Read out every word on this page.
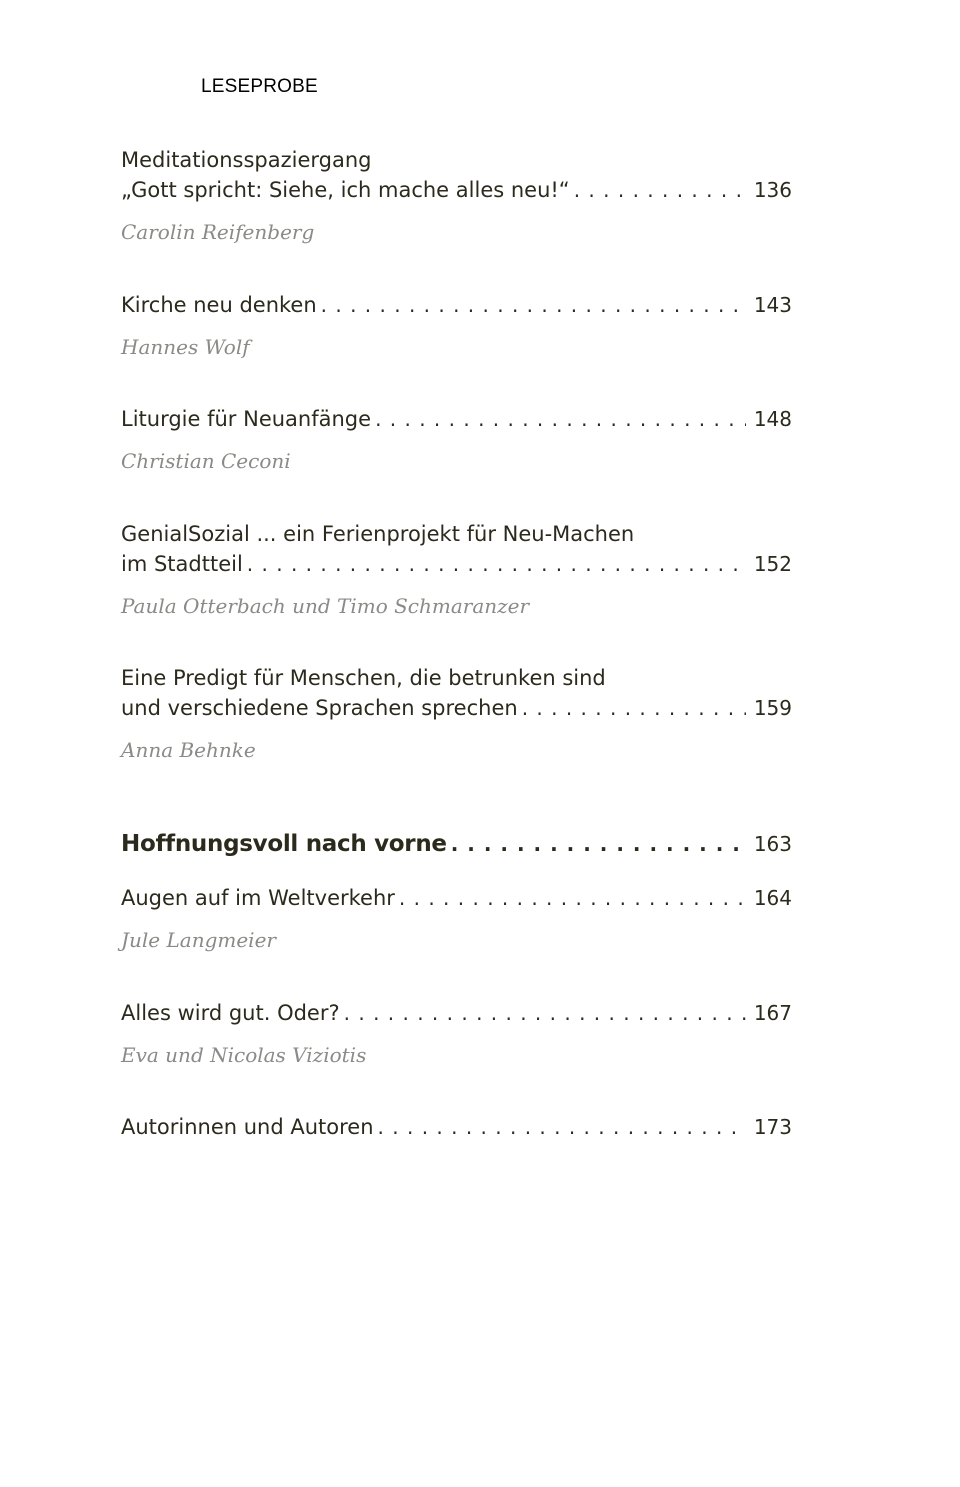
LESEPROBE
Meditationsspaziergang
„Gott spricht: Siehe, ich mache alles neu!“ . . .	136
Carolin Reifenberg
Kirche neu denken . . .	143
Hannes Wolf
Liturgie für Neuanfänge . . .	148
Christian Ceconi
GenialSozial ... ein Ferienprojekt für Neu-Machen
im Stadtteil . . .	152
Paula Otterbach und Timo Schmaranzer
Eine Predigt für Menschen, die betrunken sind
und verschiedene Sprachen sprechen . . .	159
Anna Behnke
Hoffnungsvoll nach vorne . . .	163
Augen auf im Weltverkehr . . .	164
Jule Langmeier
Alles wird gut. Oder? . . .	167
Eva und Nicolas Viziotis
Autorinnen und Autoren . . .	173
